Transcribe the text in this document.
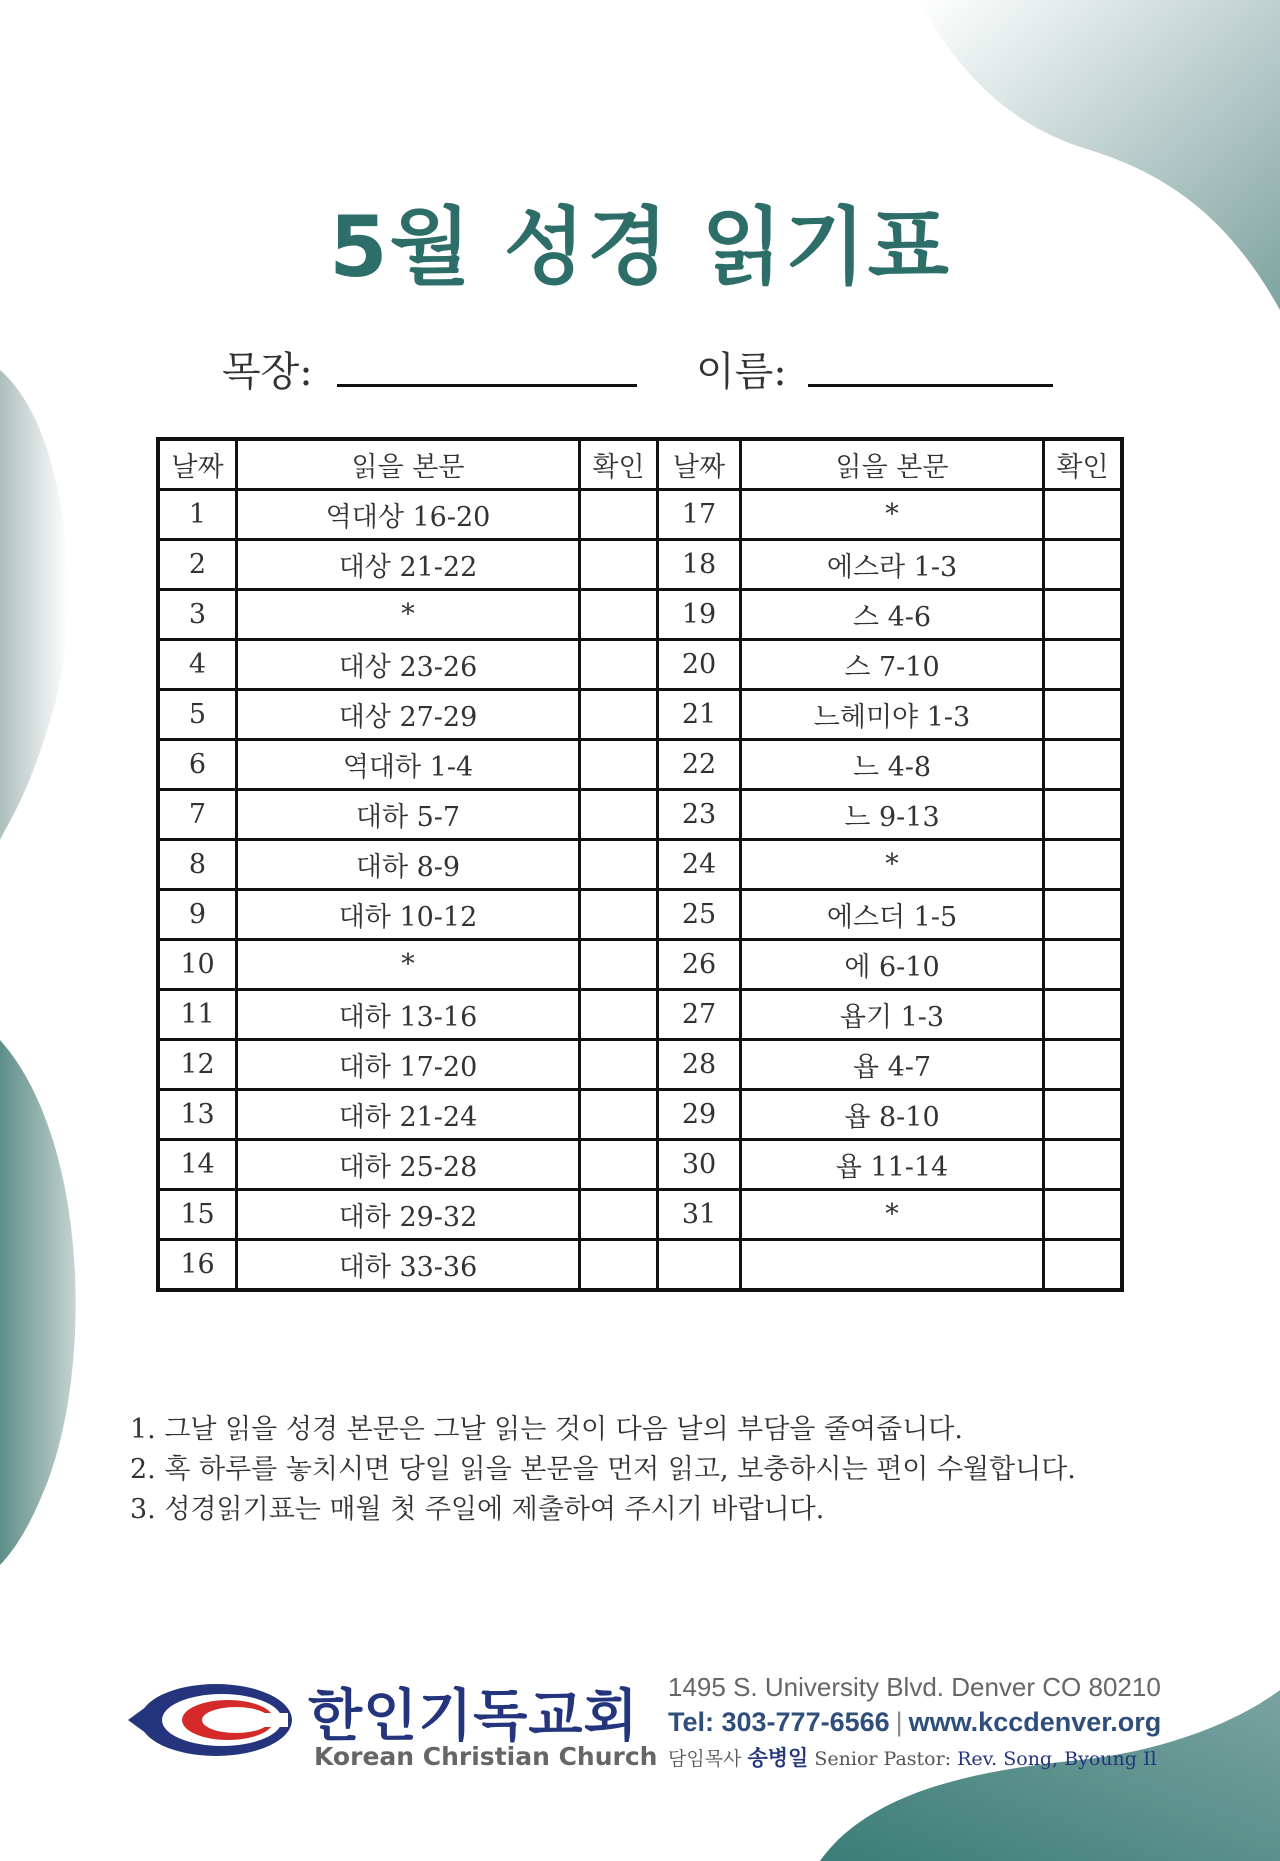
5월 성경 읽기표
목장:	이름:
날짜	읽을 본문	확인	날짜	읽을 본문	확인
1	역대상 16-20		17	*	
2	대상 21-22		18	에스라 1-3	
3	*		19	스 4-6	
4	대상 23-26		20	스 7-10	
5	대상 27-29		21	느헤미야 1-3	
6	역대하 1-4		22	느 4-8	
7	대하 5-7		23	느 9-13	
8	대하 8-9		24	*	
9	대하 10-12		25	에스더 1-5	
10	*		26	에 6-10	
11	대하 13-16		27	욥기 1-3	
12	대하 17-20		28	욥 4-7	
13	대하 21-24		29	욥 8-10	
14	대하 25-28		30	욥 11-14	
15	대하 29-32		31	*	
16	대하 33-36				
1. 그날 읽을 성경 본문은 그날 읽는 것이 다음 날의 부담을 줄여줍니다.
2. 혹 하루를 놓치시면 당일 읽을 본문을 먼저 읽고, 보충하시는 편이 수월합니다.
3. 성경읽기표는 매월 첫 주일에 제출하여 주시기 바랍니다.
한인기독교회
Korean Christian Church
1495 S. University Blvd. Denver CO 80210
Tel: 303-777-6566 | www.kccdenver.org
담임목사 송병일 Senior Pastor: Rev. Song, Byoung Il
